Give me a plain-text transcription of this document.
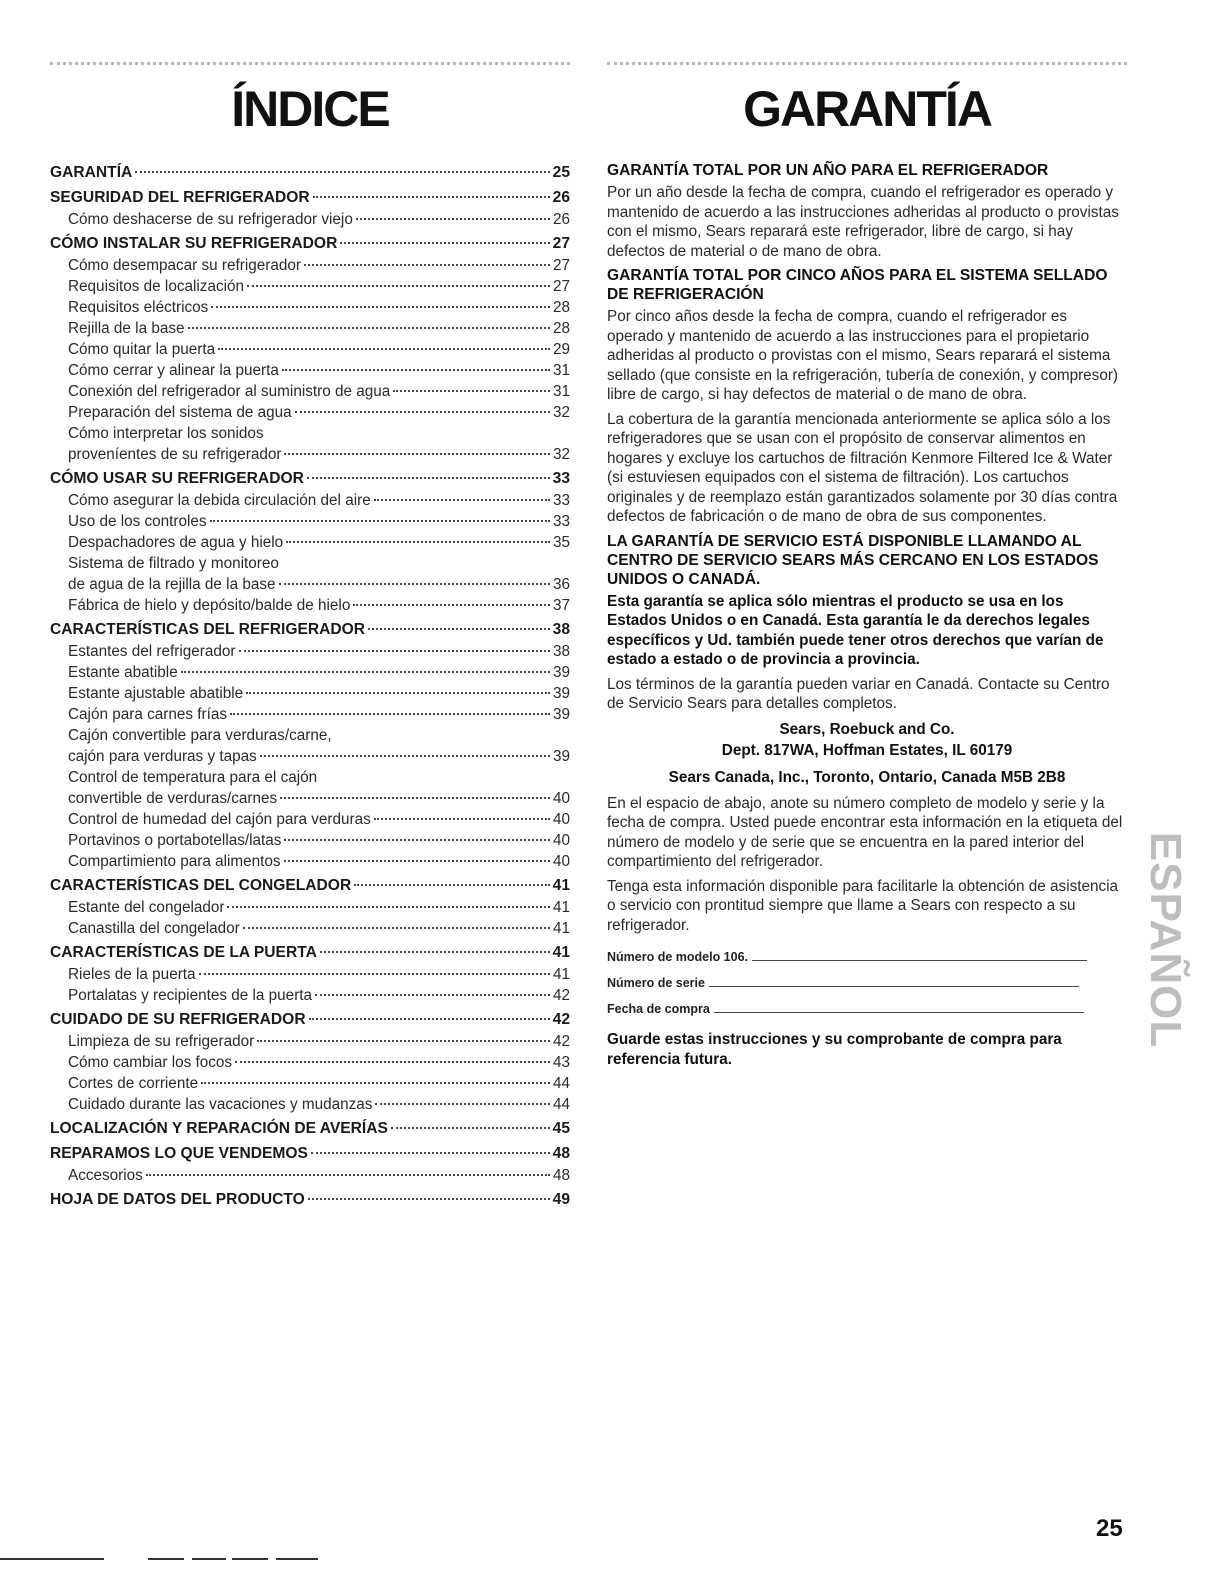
ÍNDICE
GARANTÍA	25
SEGURIDAD DEL REFRIGERADOR	26
Cómo deshacerse de su refrigerador viejo	26
CÓMO INSTALAR SU REFRIGERADOR	27
Cómo desempacar su refrigerador	27
Requisitos de localización	27
Requisitos eléctricos	28
Rejilla de la base	28
Cómo quitar la puerta	29
Cómo cerrar y alinear la puerta	31
Conexión del refrigerador al suministro de agua	31
Preparación del sistema de agua	32
Cómo interpretar los sonidos
proveníentes de su refrigerador	32
CÓMO USAR SU REFRIGERADOR	33
Cómo asegurar la debida circulación del aire	33
Uso de los controles	33
Despachadores de agua y hielo	35
Sistema de filtrado y monitoreo
de agua de la rejilla de la base	36
Fábrica de hielo y depósito/balde de hielo	37
CARACTERÍSTICAS DEL REFRIGERADOR	38
Estantes del refrigerador	38
Estante abatible	39
Estante ajustable abatible	39
Cajón para carnes frías	39
Cajón convertible para verduras/carne,
cajón para verduras y tapas	39
Control de temperatura para el cajón
convertible de verduras/carnes	40
Control de humedad del cajón para verduras	40
Portavinos o portabotellas/latas	40
Compartimiento para alimentos	40
CARACTERÍSTICAS DEL CONGELADOR	41
Estante del congelador	41
Canastilla del congelador	41
CARACTERÍSTICAS DE LA PUERTA	41
Rieles de la puerta	41
Portalatas y recipientes de la puerta	42
CUIDADO DE SU REFRIGERADOR	42
Limpieza de su refrigerador	42
Cómo cambiar los focos	43
Cortes de corriente	44
Cuidado durante las vacaciones y mudanzas	44
LOCALIZACIÓN Y REPARACIÓN DE AVERÍAS	45
REPARAMOS LO QUE VENDEMOS	48
Accesorios	48
HOJA DE DATOS DEL PRODUCTO	49
GARANTÍA
GARANTÍA TOTAL POR UN AÑO PARA EL REFRIGERADOR

Por un año desde la fecha de compra, cuando el refrigerador es operado y mantenido de acuerdo a las instrucciones adheridas al producto o provistas con el mismo, Sears reparará este refrigerador, libre de cargo, si hay defectos de material o de mano de obra.

GARANTÍA TOTAL POR CINCO AÑOS PARA EL SISTEMA SELLADO DE REFRIGERACIÓN

Por cinco años desde la fecha de compra, cuando el refrigerador es operado y mantenido de acuerdo a las instrucciones para el propietario adheridas al producto o provistas con el mismo, Sears reparará el sistema sellado (que consiste en la refrigeración, tubería de conexión, y compresor) libre de cargo, si hay defectos de material o de mano de obra.

La cobertura de la garantía mencionada anteriormente se aplica sólo a los refrigeradores que se usan con el propósito de conservar alimentos en hogares y excluye los cartuchos de filtración Kenmore Filtered Ice & Water (si estuviesen equipados con el sistema de filtración). Los cartuchos originales y de reemplazo están garantizados solamente por 30 días contra defectos de fabricación o de mano de obra de sus componentes.

LA GARANTÍA DE SERVICIO ESTÁ DISPONIBLE LLAMANDO AL CENTRO DE SERVICIO SEARS MÁS CERCANO EN LOS ESTADOS UNIDOS O CANADÁ.

Esta garantía se aplica sólo mientras el producto se usa en los Estados Unidos o en Canadá. Esta garantía le da derechos legales específicos y Ud. también puede tener otros derechos que varían de estado a estado o de provincia a provincia.

Los términos de la garantía pueden variar en Canadá. Contacte su Centro de Servicio Sears para detalles completos.

Sears, Roebuck and Co.
Dept. 817WA, Hoffman Estates, IL 60179
Sears Canada, Inc., Toronto, Ontario, Canada M5B 2B8

En el espacio de abajo, anote su número completo de modelo y serie y la fecha de compra. Usted puede encontrar esta información en la etiqueta del número de modelo y de serie que se encuentra en la pared interior del compartimiento del refrigerador.

Tenga esta información disponible para facilitarle la obtención de asistencia o servicio con prontitud siempre que llame a Sears con respecto a su refrigerador.

Número de modelo 106.
Número de serie
Fecha de compra

Guarde estas instrucciones y su comprobante de compra para referencia futura.

ESPAÑOL
25
